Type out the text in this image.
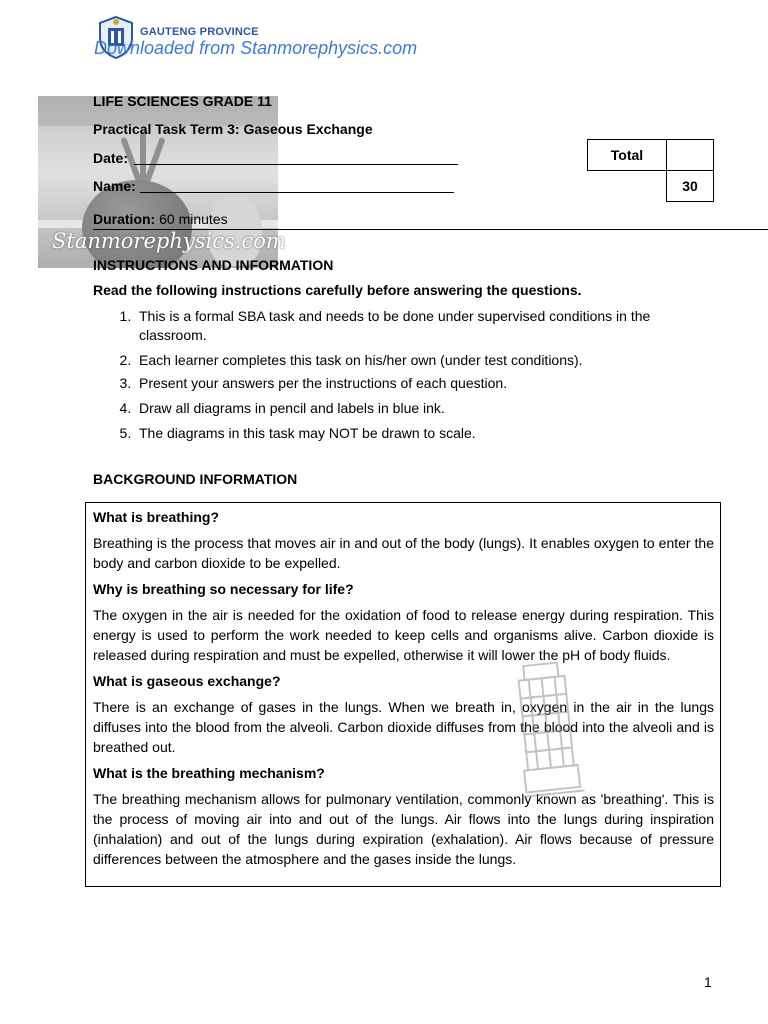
GAUTENG PROVINCE
Downloaded from Stanmorephysics.com
Stanmorephysics.com
LIFE SCIENCES GRADE 11
Practical Task Term 3: Gaseous Exchange
Date:
Name:
Duration: 60 minutes
Total	
	30
INSTRUCTIONS AND INFORMATION
Read the following instructions carefully before answering the questions.
1. This is a formal SBA task and needs to be done under supervised conditions in the classroom.
2. Each learner completes this task on his/her own (under test conditions).
3. Present your answers per the instructions of each question.
4. Draw all diagrams in pencil and labels in blue ink.
5. The diagrams in this task may NOT be drawn to scale.
BACKGROUND INFORMATION

What is breathing?

Breathing is the process that moves air in and out of the body (lungs). It enables oxygen to enter the body and carbon dioxide to be expelled.

Why is breathing so necessary for life?

The oxygen in the air is needed for the oxidation of food to release energy during respiration. This energy is used to perform the work needed to keep cells and organisms alive. Carbon dioxide is released during respiration and must be expelled, otherwise it will lower the pH of body fluids.

What is gaseous exchange?

There is an exchange of gases in the lungs. When we breath in, oxygen in the air in the lungs diffuses into the blood from the alveoli. Carbon dioxide diffuses from the blood into the alveoli and is breathed out.

What is the breathing mechanism?

The breathing mechanism allows for pulmonary ventilation, commonly known as 'breathing'. This is the process of moving air into and out of the lungs. Air flows into the lungs during inspiration (inhalation) and out of the lungs during expiration (exhalation). Air flows because of pressure differences between the atmosphere and the gases inside the lungs.

1
